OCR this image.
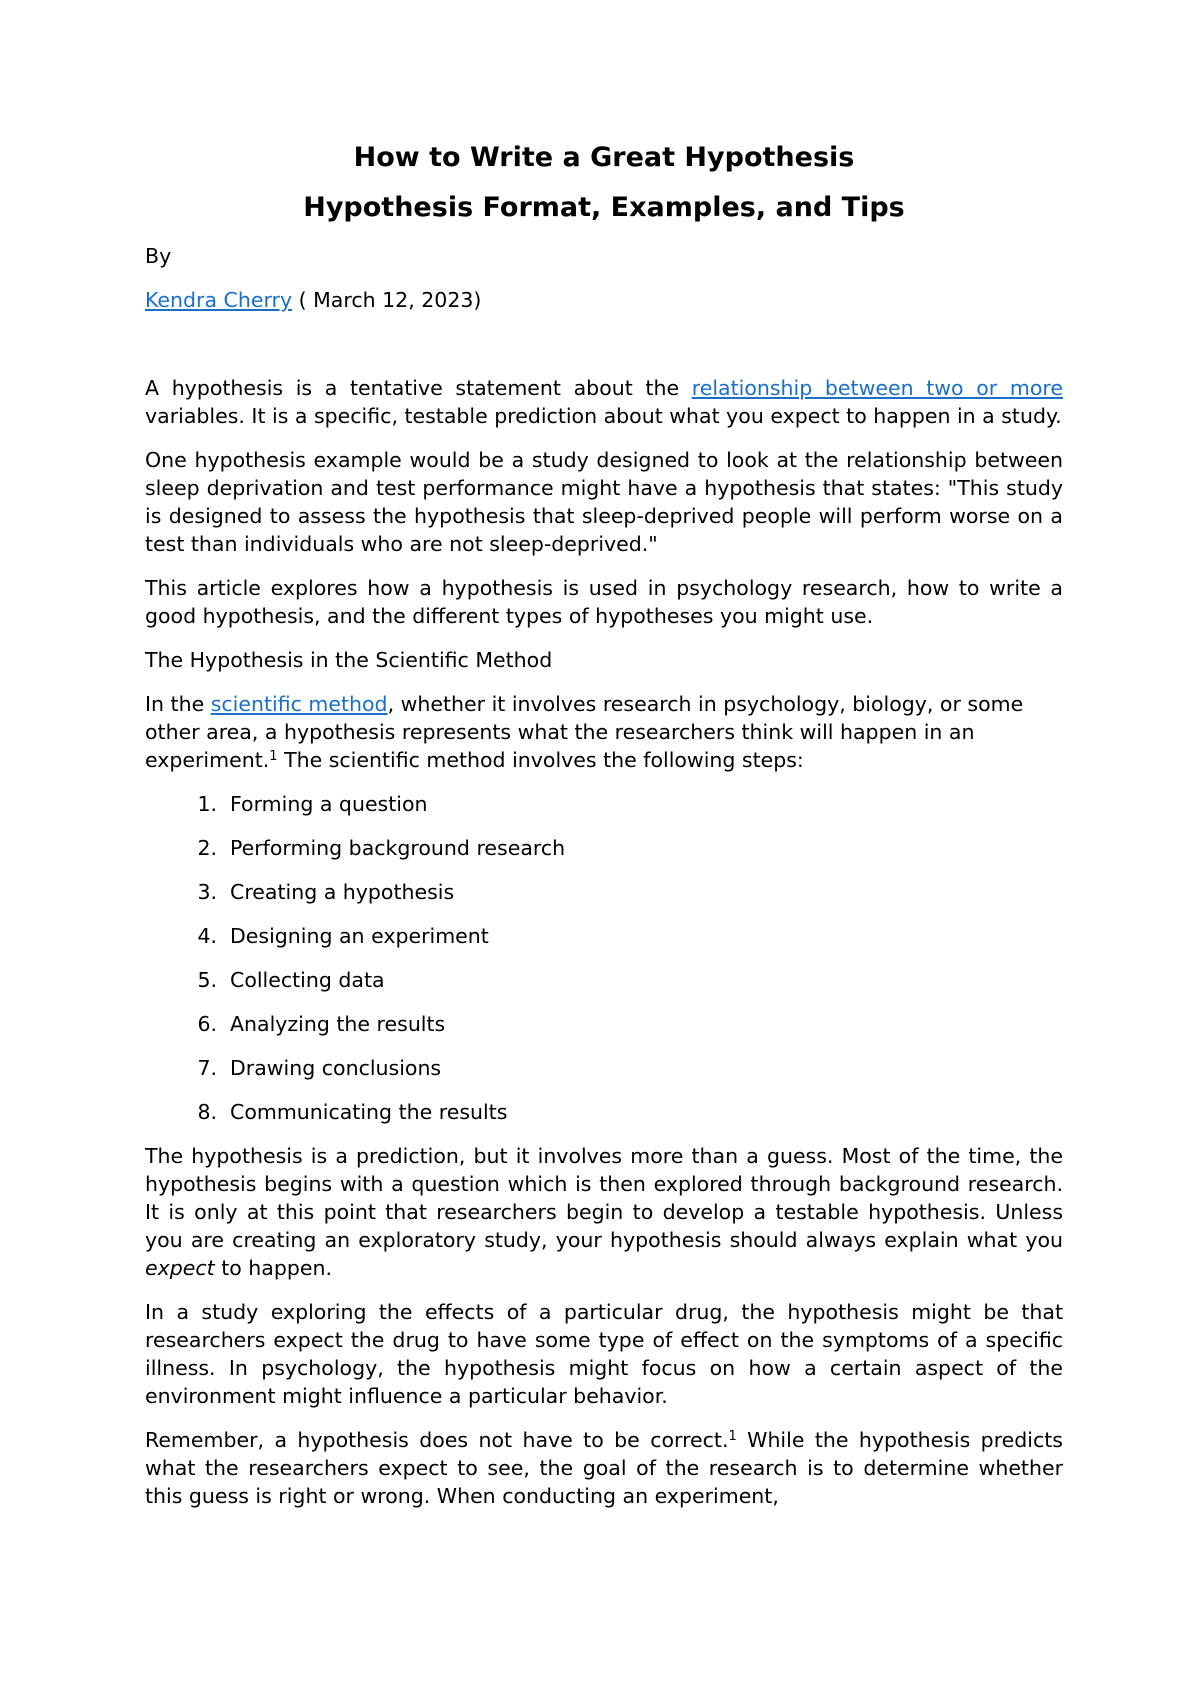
How to Write a Great Hypothesis
Hypothesis Format, Examples, and Tips

By

Kendra Cherry ( March 12, 2023)

A hypothesis is a tentative statement about the relationship between two or more variables. It is a specific, testable prediction about what you expect to happen in a study.

One hypothesis example would be a study designed to look at the relationship between sleep deprivation and test performance might have a hypothesis that states: "This study is designed to assess the hypothesis that sleep-deprived people will perform worse on a test than individuals who are not sleep-deprived."

This article explores how a hypothesis is used in psychology research, how to write a good hypothesis, and the different types of hypotheses you might use.

The Hypothesis in the Scientific Method

In the scientific method, whether it involves research in psychology, biology, or some other area, a hypothesis represents what the researchers think will happen in an experiment.$^1$ The scientific method involves the following steps:

1. Forming a question
2. Performing background research
3. Creating a hypothesis
4. Designing an experiment
5. Collecting data
6. Analyzing the results
7. Drawing conclusions
8. Communicating the results

The hypothesis is a prediction, but it involves more than a guess. Most of the time, the hypothesis begins with a question which is then explored through background research. It is only at this point that researchers begin to develop a testable hypothesis. Unless you are creating an exploratory study, your hypothesis should always explain what you expect to happen.

In a study exploring the effects of a particular drug, the hypothesis might be that researchers expect the drug to have some type of effect on the symptoms of a specific illness. In psychology, the hypothesis might focus on how a certain aspect of the environment might influence a particular behavior.

Remember, a hypothesis does not have to be correct.$^1$ While the hypothesis predicts what the researchers expect to see, the goal of the research is to determine whether this guess is right or wrong. When conducting an experiment,
